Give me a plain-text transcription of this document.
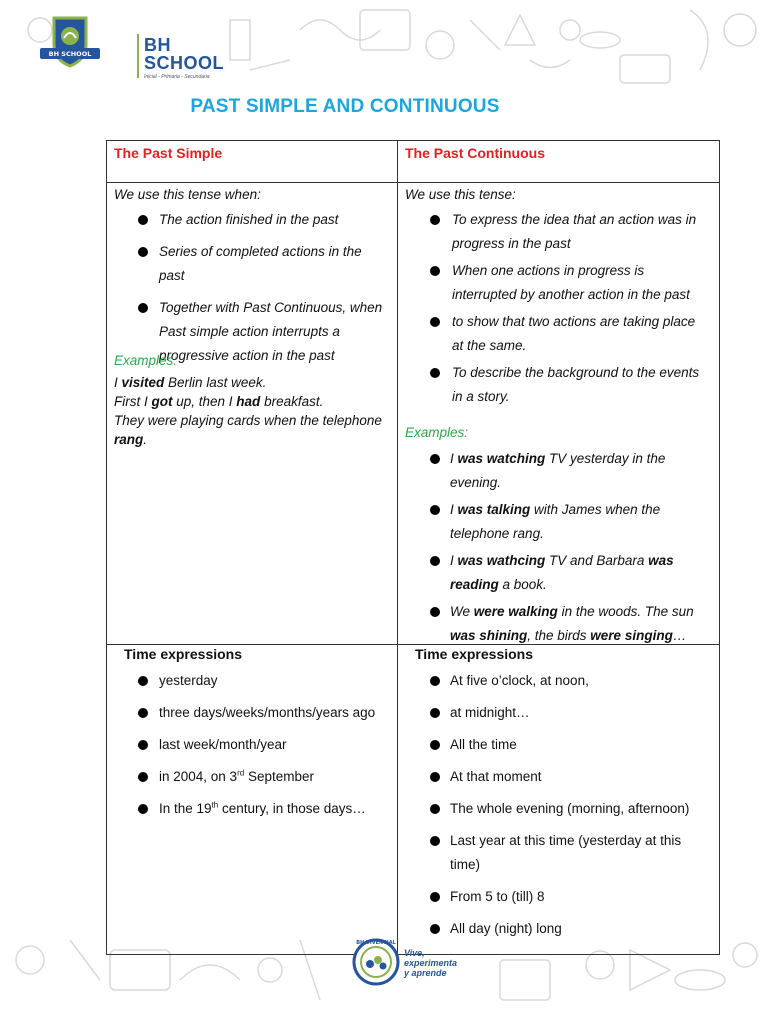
BH SCHOOL	BH
SCHOOL
Inicial - Primaria - Secundaria
PAST SIMPLE AND CONTINUOUS
The Past Simple	The Past Continuous
We use this tense when:
The action finished in the past
Series of completed actions in the
past
Together with Past Continuous, when
Past simple action interrupts a
progressive action in the past
Examples:
I visited Berlin last week.
First I got up, then I had breakfast.
They were playing cards when the telephone
rang.
We use this tense:
To express the idea that an action was in
progress in the past
When one actions in progress is
interrupted by another action in the past
to show that two actions are taking place
at the same.
To describe the background to the events
in a story.
Examples:
I was watching TV yesterday in the
evening.
I was talking with James when the
telephone rang.
I was wathcing TV and Barbara was
reading a book.
We were walking in the woods. The sun
was shining, the birds were singing…
Time expressions
yesterday
three days/weeks/months/years ago
last week/month/year
in 2004, on 3rd September
In the 19th century, in those days…
Time expressions
At five o’clock, at noon,
at midnight…
All the time
At that moment
The whole evening (morning, afternoon)
Last year at this time (yesterday at this
time)
From 5 to (till) 8
All day (night) long
BH VIVENCIAL
Vive,
experimenta
y aprende
